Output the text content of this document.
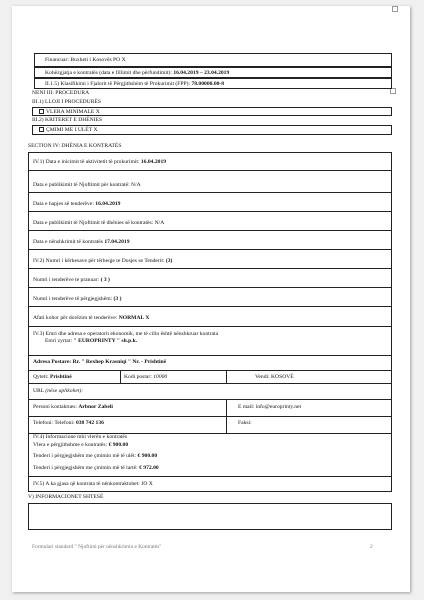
Financuar: Buxheti i Kosovës PO X
Kohëzgjatja e kontratës (data e fillimit dhe përfundimit): 16.04.2019 – 23.04.2019
II.1.5) Klasifikimi i Fjalorit të Përgjithshëm të Prokurimit (FPP): 78.00000.00-8
NENI III: PROCEDURA
III.1) LLOJI I PROCEDURËS
VLERA MINIMALE X
III.2) KRITERET E DHËNIES
ÇMIMI ME I ULËT X
SECTION IV: DHËNIA E KONTRATËS
IV.1) Data e inicimit të aktivitetit të prokurimit: 16.04.2019
Data e publikimit të Njoftimit për kontratë: N/A
Data e hapjes së tenderëve: 16.04.2019
Data e publikimit të Njoftimit të dhënies së kontratës: N/A
Data e nënshkrimit të kontratës 17.04.2019
IV.2) Numri i kërkesave për tërheqje te Dosjes se Tenderit: (3)
Numri i tenderëve te pranuar: ( 3 )
Numri i tenderëve të përgjegjshëm: (3 )
Afati kohor për dorëzim të tenderëve: NORMAL X
IV.3) Emri dhe adresa e operatorit ekonomik, me të cilin është nënshkruar kontrata
Emri zyrtar: " EUROPRINTY " sh.p.k.
Adresa Postare: Rr. " Rexhep Krasniqi " Nr. - Prishtinë
Qyteti: Prishtinë	Kodi postar: 10000	Vendi: KOSOVË
URL (nëse aplikohet):
Personi kontaktues: Arbnor Zabeli	E mail: info@europrinty.net
Telefoni: Telefoni: 038 742 136	Faksi:
IV.4) Informacione mbi vlerën e kontratës
Vlera e përgjithshme e kontratës: € 900.00
Tenderi i përgjegjshëm me çmimin më të ulët: € 900.00
Tenderi i përgjegjshëm me çmimin më të lartë: € 972.00
IV.5) A ka gjasa që kontrata të nënkontraktohet: JO X
V) INFORMACIONET SHTESË
Formulari standard " Njoftimi për nënshkrimin e Kontratës"	2
